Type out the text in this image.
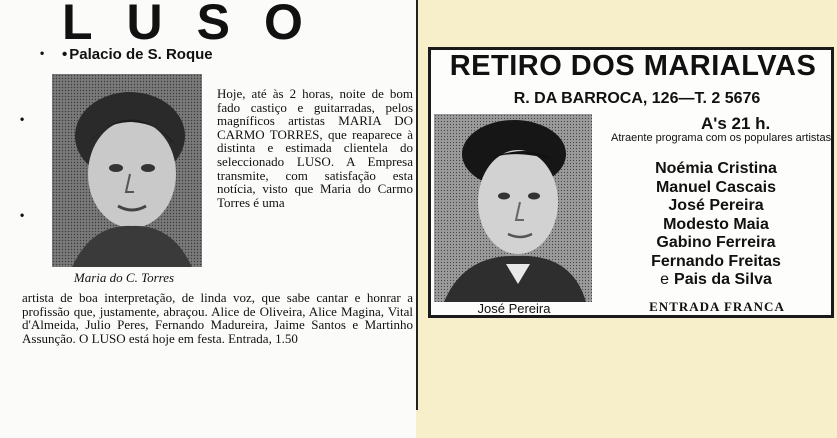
LUSO
• Palacio de S. Roque
•
•
•
Maria do C. Torres

Hoje, até às 2 horas, noite de bom fado castiço e guitarradas, pelos magníficos artistas MARIA DO CARMO TORRES, que reaparece à distinta e estimada clientela do seleccionado LUSO. A Empresa transmite, com satisfação esta notícia, visto que Maria do Carmo Torres é uma

artista de boa interpretação, de linda voz, que sabe cantar e honrar a profissão que, justamente, abraçou. Alice de Oliveira, Alice Magina, Vital d'Almeida, Julio Peres, Fernando Madureira, Jaime Santos e Martinho Assunção. O LUSO está hoje em festa. Entrada, 1.50

RETIRO DOS MARIALVAS
R. DA BARROCA, 126—T. 2 5676
José Pereira
A's 21 h.
Atraente programa com os populares artistas
Noémia Cristina
Manuel Cascais
José Pereira
Modesto Maia
Gabino Ferreira
Fernando Freitas
e Pais da Silva
ENTRADA FRANCA
